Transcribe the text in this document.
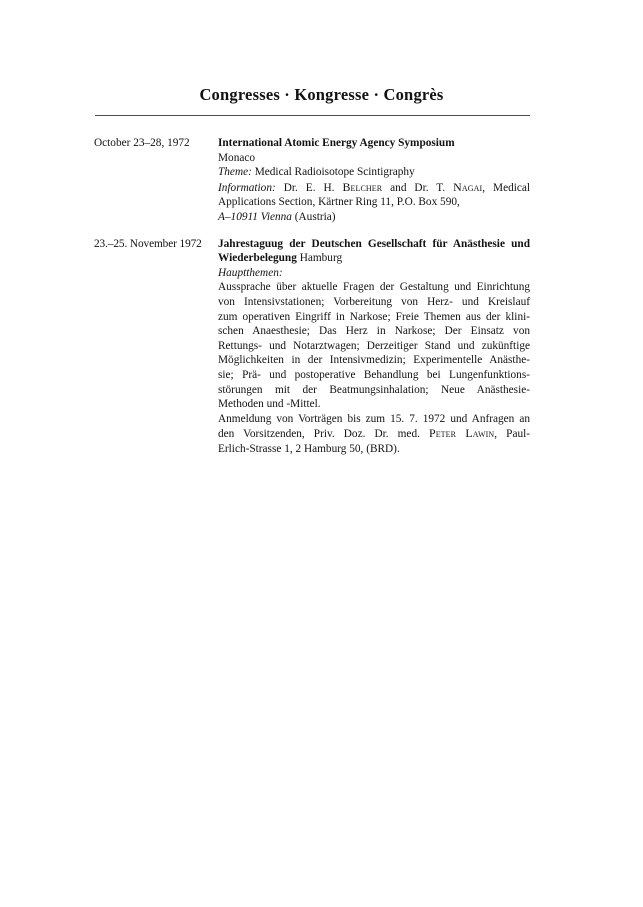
Congresses · Kongresse · Congrès
October 23–28, 1972	International Atomic Energy Agency Symposium
Monaco
Theme: Medical Radioisotope Scintigraphy
Information: Dr. E. H. Belcher and Dr. T. Nagai, Medical
Applications Section, Kärtner Ring 11, P.O. Box 590,
A–10911 Vienna (Austria)
23.–25. November 1972	Jahrestaguug der Deutschen Gesellschaft für Anästhesie und
Wiederbelegung Hamburg
Hauptthemen:
Aussprache über aktuelle Fragen der Gestaltung und Einrichtung
von Intensivstationen; Vorbereitung von Herz- und Kreislauf
zum operativen Eingriff in Narkose; Freie Themen aus der klini-
schen Anaesthesie; Das Herz in Narkose; Der Einsatz von
Rettungs- und Notarztwagen; Derzeitiger Stand und zukünftige
Möglichkeiten in der Intensivmedizin; Experimentelle Anästhe-
sie; Prä- und postoperative Behandlung bei Lungenfunktions-
störungen mit der Beatmungsinhalation; Neue Anästhesie-
Methoden und -Mittel.
Anmeldung von Vorträgen bis zum 15. 7. 1972 und Anfragen an
den Vorsitzenden, Priv. Doz. Dr. med. Peter Lawin, Paul-
Erlich-Strasse 1, 2 Hamburg 50, (BRD).
